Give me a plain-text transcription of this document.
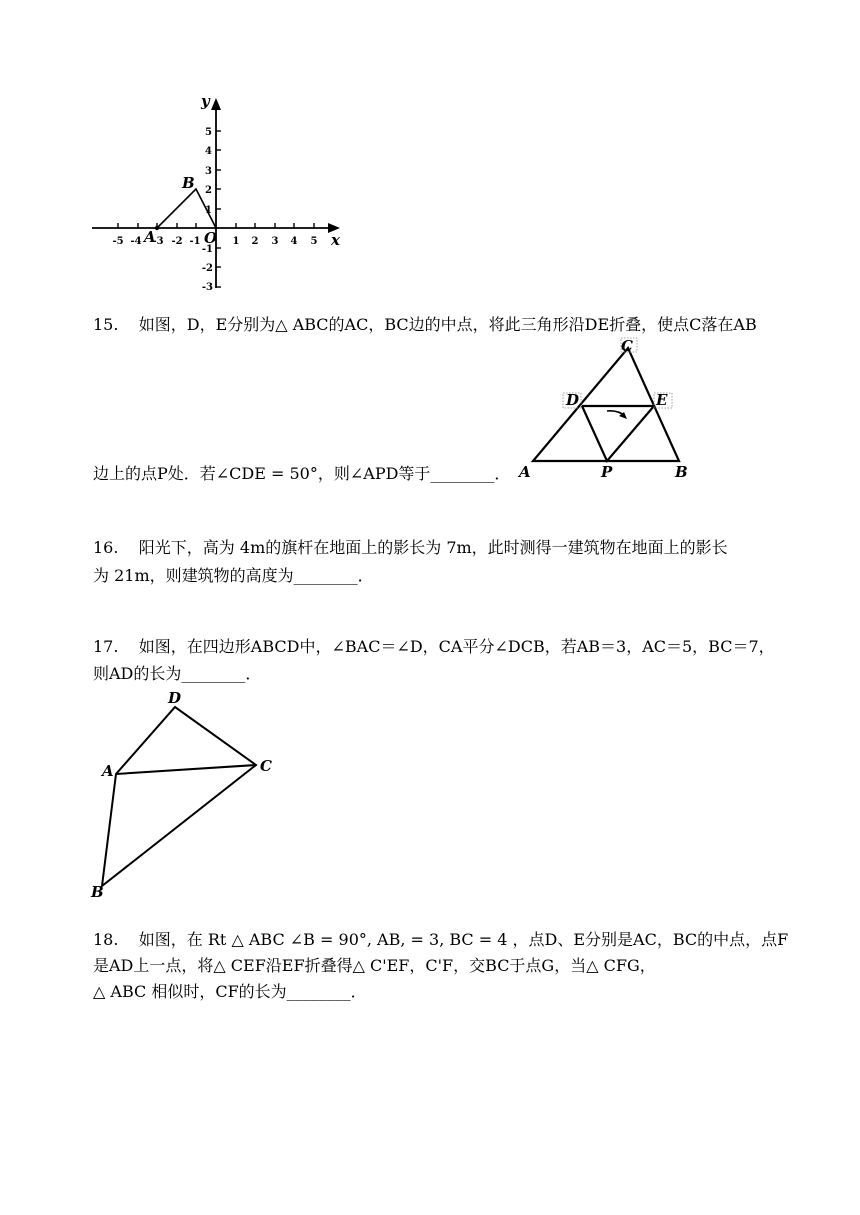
-5 -4 -3 -2 -1	1 2 3 4 5
5
4
3
2
1
-1
-2
-3
x
y
O
B
A
15. 如图，D，E分别为△ ABC的AC，BC边的中点，将此三角形沿DE折叠，使点C落在AB
C
D	E
A	P	B
边上的点P处．若∠CDE = 50°，则∠APD等于________．
16. 阳光下，高为 4m的旗杆在地面上的影长为 7m，此时测得一建筑物在地面上的影长
为 21m，则建筑物的高度为________．
17. 如图，在四边形ABCD中，∠BAC＝∠D，CA平分∠DCB，若AB＝3，AC＝5，BC＝7，
则AD的长为________．
D
A	C
B
18. 如图，在 Rt △ ABC ∠B = 90°, AB, = 3, BC = 4 ，点D、E分别是AC，BC的中点，点F
是AD上一点，将△ CEF沿EF折叠得△ C'EF，C'F，交BC于点G，当△ CFG，
△ ABC 相似时，CF的长为________．
